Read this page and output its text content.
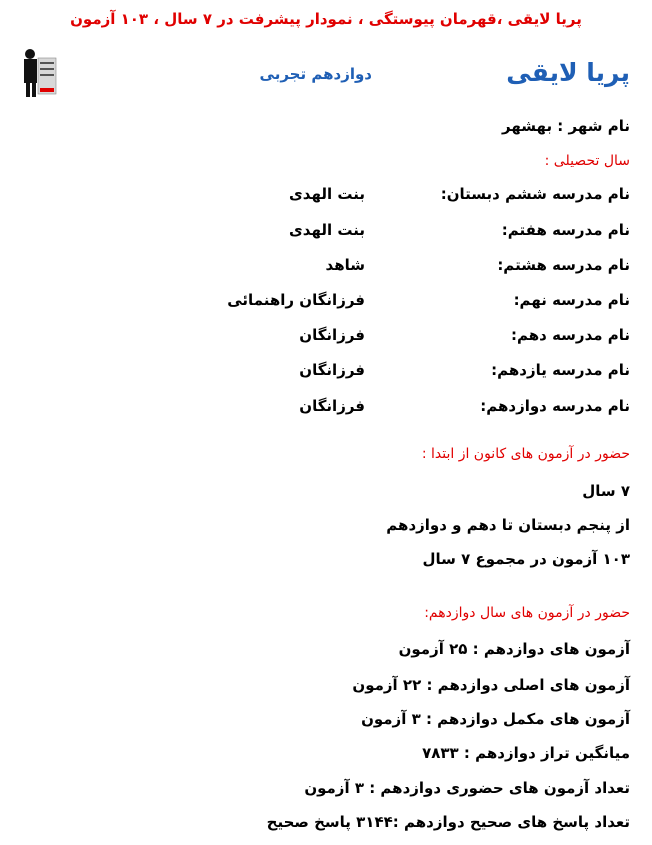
پریا لایقی ،قهرمان پیوستگی ، نمودار پیشرفت در ۷ سال ، ۱۰۳ آزمون
پریا لایقی
دوازدهم تجربی
نام شهر : بهشهر
سال تحصیلی :
نام مدرسه ششم دبستان:
بنت الهدی
نام مدرسه هفتم:
بنت الهدی
نام مدرسه هشتم:
شاهد
نام مدرسه نهم:
فرزانگان راهنمائی
نام مدرسه دهم:
فرزانگان
نام مدرسه یازدهم:
فرزانگان
نام مدرسه دوازدهم:
فرزانگان
حضور در آزمون های کانون از ابتدا :
۷ سال
از پنجم دبستان تا دهم و دوازدهم
۱۰۳ آزمون در مجموع ۷ سال
حضور در آزمون های سال دوازدهم:
آزمون های دوازدهم : ۲۵ آزمون
آزمون های اصلی دوازدهم : ۲۲ آزمون
آزمون های مکمل دوازدهم : ۳ آزمون
میانگین تراز دوازدهم : ۷۸۳۳
تعداد آزمون های حضوری دوازدهم : ۳ آزمون
تعداد پاسخ های صحیح دوازدهم :۳۱۴۴ پاسخ صحیح
